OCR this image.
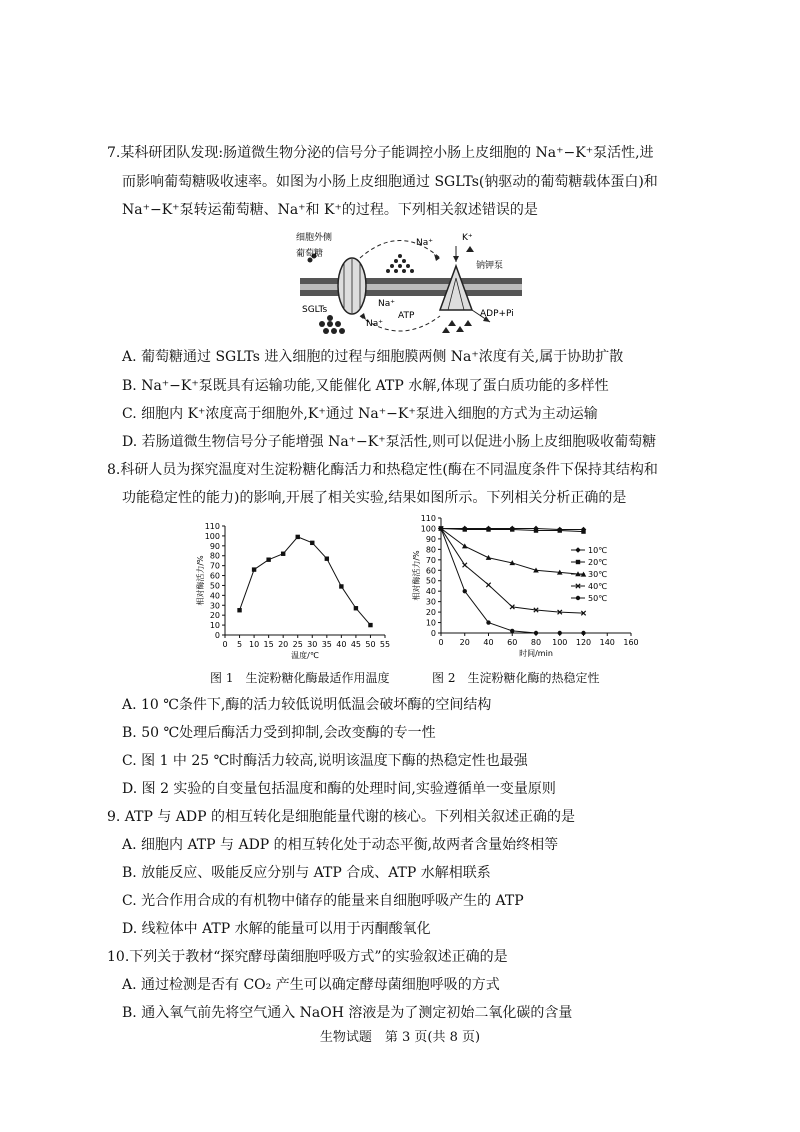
7.某科研团队发现:肠道微生物分泌的信号分子能调控小肠上皮细胞的 Na⁺−K⁺泵活性,进
而影响葡萄糖吸收速率。如图为小肠上皮细胞通过 SGLTs(钠驱动的葡萄糖载体蛋白)和
Na⁺−K⁺泵转运葡萄糖、Na⁺和 K⁺的过程。下列相关叙述错误的是
细胞外侧
葡萄糖
SGLTs
Na⁺	K⁺
钠钾泵
Na⁺
Na⁺
ATP	ADP+Pi
A. 葡萄糖通过 SGLTs 进入细胞的过程与细胞膜两侧 Na⁺浓度有关,属于协助扩散
B. Na⁺−K⁺泵既具有运输功能,又能催化 ATP 水解,体现了蛋白质功能的多样性
C. 细胞内 K⁺浓度高于细胞外,K⁺通过 Na⁺−K⁺泵进入细胞的方式为主动运输
D. 若肠道微生物信号分子能增强 Na⁺−K⁺泵活性,则可以促进小肠上皮细胞吸收葡萄糖
8.科研人员为探究温度对生淀粉糖化酶活力和热稳定性(酶在不同温度条件下保持其结构和
功能稳定性的能力)的影响,开展了相关实验,结果如图所示。下列相关分析正确的是
0 5 10 15 20 25 30 35 40 45 50 55
0
10
20
30
40
50
60
70
80
90
100
110
温度/℃
相对酶活力/%
图 1　生淀粉糖化酶最适作用温度
0 20 40 60 80 100 120 140 160
0
10
20
30
40
50
60
70
80
90
100
110
时间/min
相对酶活力/%	10℃
20℃
30℃
40℃
50℃
图 2　生淀粉糖化酶的热稳定性
A. 10 ℃条件下,酶的活力较低说明低温会破坏酶的空间结构
B. 50 ℃处理后酶活力受到抑制,会改变酶的专一性
C. 图 1 中 25 ℃时酶活力较高,说明该温度下酶的热稳定性也最强
D. 图 2 实验的自变量包括温度和酶的处理时间,实验遵循单一变量原则
9. ATP 与 ADP 的相互转化是细胞能量代谢的核心。下列相关叙述正确的是
A. 细胞内 ATP 与 ADP 的相互转化处于动态平衡,故两者含量始终相等
B. 放能反应、吸能反应分别与 ATP 合成、ATP 水解相联系
C. 光合作用合成的有机物中储存的能量来自细胞呼吸产生的 ATP
D. 线粒体中 ATP 水解的能量可以用于丙酮酸氧化
10.下列关于教材“探究酵母菌细胞呼吸方式”的实验叙述正确的是
A. 通过检测是否有 CO₂ 产生可以确定酵母菌细胞呼吸的方式
B. 通入氧气前先将空气通入 NaOH 溶液是为了测定初始二氧化碳的含量
生物试题　第 3 页(共 8 页)
